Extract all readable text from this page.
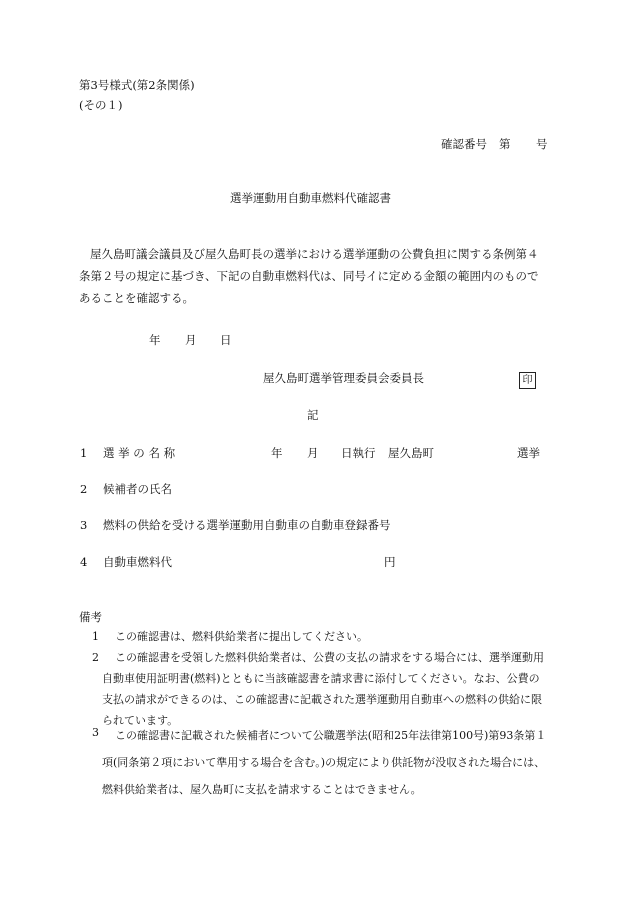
第3号様式(第2条関係)
(その１)
確認番号 第 号
選挙運動用自動車燃料代確認書
屋久島町議会議員及び屋久島町長の選挙における選挙運動の公費負担に関する条例第４条第２号の規定に基づき、下記の自動車燃料代は、同号イに定める金額の範囲内のものであることを確認する。
年 月 日
屋久島町選挙管理委員会委員長	印
記
1 選 挙 の 名 称	年 月 日執行 屋久島町	選挙
2 候補者の氏名
3 燃料の供給を受ける選挙運動用自動車の自動車登録番号
4 自動車燃料代	円
備考
1	この確認書は、燃料供給業者に提出してください。
2	この確認書を受領した燃料供給業者は、公費の支払の請求をする場合には、選挙運動用自動車使用証明書(燃料)とともに当該確認書を請求書に添付してください。なお、公費の支払の請求ができるのは、この確認書に記載された選挙運動用自動車への燃料の供給に限られています。
3	この確認書に記載された候補者について公職選挙法(昭和25年法律第100号)第93条第１項(同条第２項において準用する場合を含む。)の規定により供託物が没収された場合には、燃料供給業者は、屋久島町に支払を請求することはできません。
